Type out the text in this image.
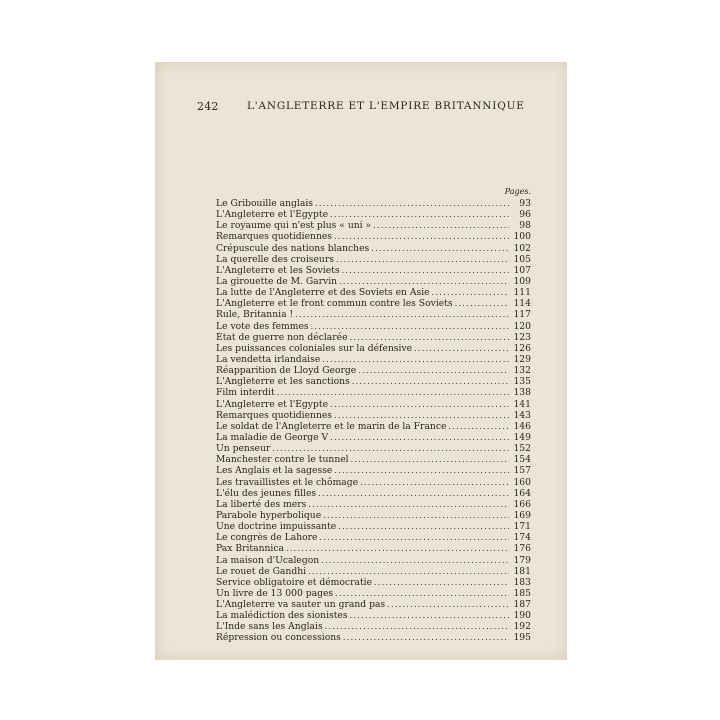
242	L'ANGLETERRE ET L'EMPIRE BRITANNIQUE
Pages.
Le Gribouille anglais .....	93
L'Angleterre et l'Égypte .....	96
Le royaume qui n'est plus « uni » .....	98
Remarques quotidiennes .....	100
Crépuscule des nations blanches .....	102
La querelle des croiseurs .....	105
L'Angleterre et les Soviets .....	107
La girouette de M. Garvin .....	109
La lutte de l'Angleterre et des Soviets en Asie .....	111
L'Angleterre et le front commun contre les Soviets .....	114
Rule, Britannia ! .....	117
Le vote des femmes .....	120
État de guerre non déclarée .....	123
Les puissances coloniales sur la défensive .....	126
La vendetta irlandaise .....	129
Réapparition de Lloyd George .....	132
L'Angleterre et les sanctions .....	135
Film interdit .....	138
L'Angleterre et l'Égypte .....	141
Remarques quotidiennes .....	143
Le soldat de l'Angleterre et le marin de la France .....	146
La maladie de George V .....	149
Un penseur .....	152
Manchester contre le tunnel .....	154
Les Anglais et la sagesse .....	157
Les travaillistes et le chômage .....	160
L'élu des jeunes filles .....	164
La liberté des mers .....	166
Parabole hyperbolique .....	169
Une doctrine impuissante .....	171
Le congrès de Lahore .....	174
Pax Britannica .....	176
La maison d'Ucalegon .....	179
Le rouet de Gandhi .....	181
Service obligatoire et démocratie .....	183
Un livre de 13 000 pages .....	185
L'Angleterre va sauter un grand pas .....	187
La malédiction des sionistes .....	190
L'Inde sans les Anglais .....	192
Répression ou concessions .....	195
